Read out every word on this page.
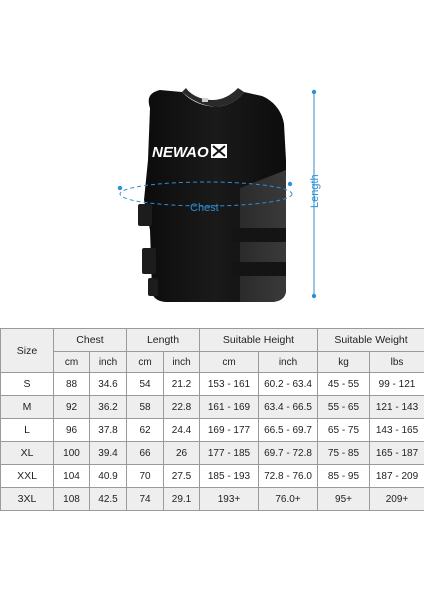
NEWAO
Chest	Length
Size	Chest		Length		Suitable Height		Suitable Weight	
	cm	inch	cm	inch	cm	inch	kg	lbs
S	88	34.6	54	21.2	153 - 161	60.2 - 63.4	45 - 55	99 - 121
M	92	36.2	58	22.8	161 - 169	63.4 - 66.5	55 - 65	121 - 143
L	96	37.8	62	24.4	169 - 177	66.5 - 69.7	65 - 75	143 - 165
XL	100	39.4	66	26	177 - 185	69.7 - 72.8	75 - 85	165 - 187
XXL	104	40.9	70	27.5	185 - 193	72.8 - 76.0	85 - 95	187 - 209
3XL	108	42.5	74	29.1	193+	76.0+	95+	209+
